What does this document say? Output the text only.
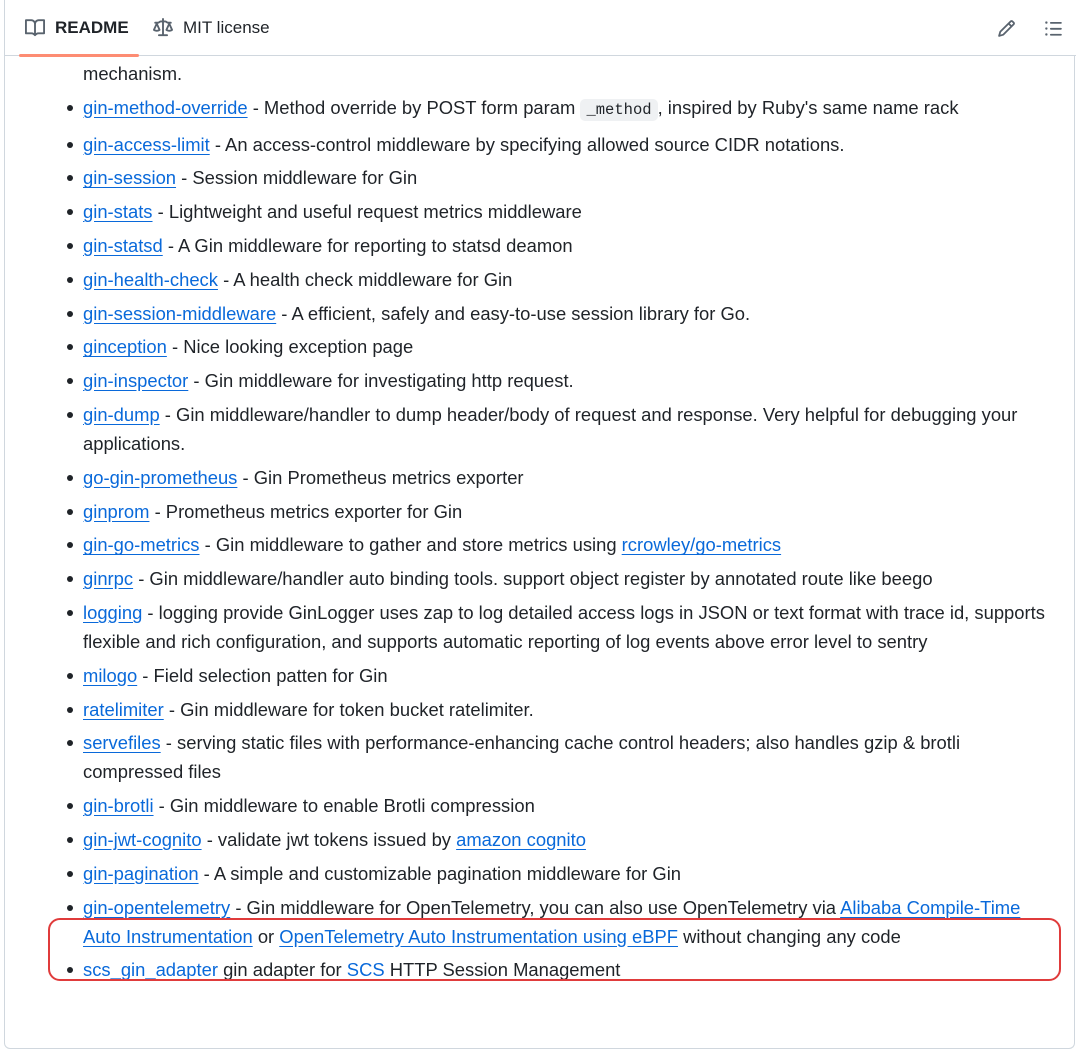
README	MIT license

mechanism.
gin-method-override - Method override by POST form param _method , inspired by Ruby's same name rack
gin-access-limit - An access-control middleware by specifying allowed source CIDR notations.
gin-session - Session middleware for Gin
gin-stats - Lightweight and useful request metrics middleware
gin-statsd - A Gin middleware for reporting to statsd deamon
gin-health-check - A health check middleware for Gin
gin-session-middleware - A efficient, safely and easy-to-use session library for Go.
ginception - Nice looking exception page
gin-inspector - Gin middleware for investigating http request.
gin-dump - Gin middleware/handler to dump header/body of request and response. Very helpful for debugging your applications.
go-gin-prometheus - Gin Prometheus metrics exporter
ginprom - Prometheus metrics exporter for Gin
gin-go-metrics - Gin middleware to gather and store metrics using rcrowley/go-metrics
ginrpc - Gin middleware/handler auto binding tools. support object register by annotated route like beego
logging - logging provide GinLogger uses zap to log detailed access logs in JSON or text format with trace id, supports flexible and rich configuration, and supports automatic reporting of log events above error level to sentry
milogo - Field selection patten for Gin
ratelimiter - Gin middleware for token bucket ratelimiter.
servefiles - serving static files with performance-enhancing cache control headers; also handles gzip & brotli compressed files
gin-brotli - Gin middleware to enable Brotli compression
gin-jwt-cognito - validate jwt tokens issued by amazon cognito
gin-pagination - A simple and customizable pagination middleware for Gin
gin-opentelemetry - Gin middleware for OpenTelemetry, you can also use OpenTelemetry via Alibaba Compile-Time Auto Instrumentation or OpenTelemetry Auto Instrumentation using eBPF without changing any code
scs_gin_adapter gin adapter for SCS HTTP Session Management
